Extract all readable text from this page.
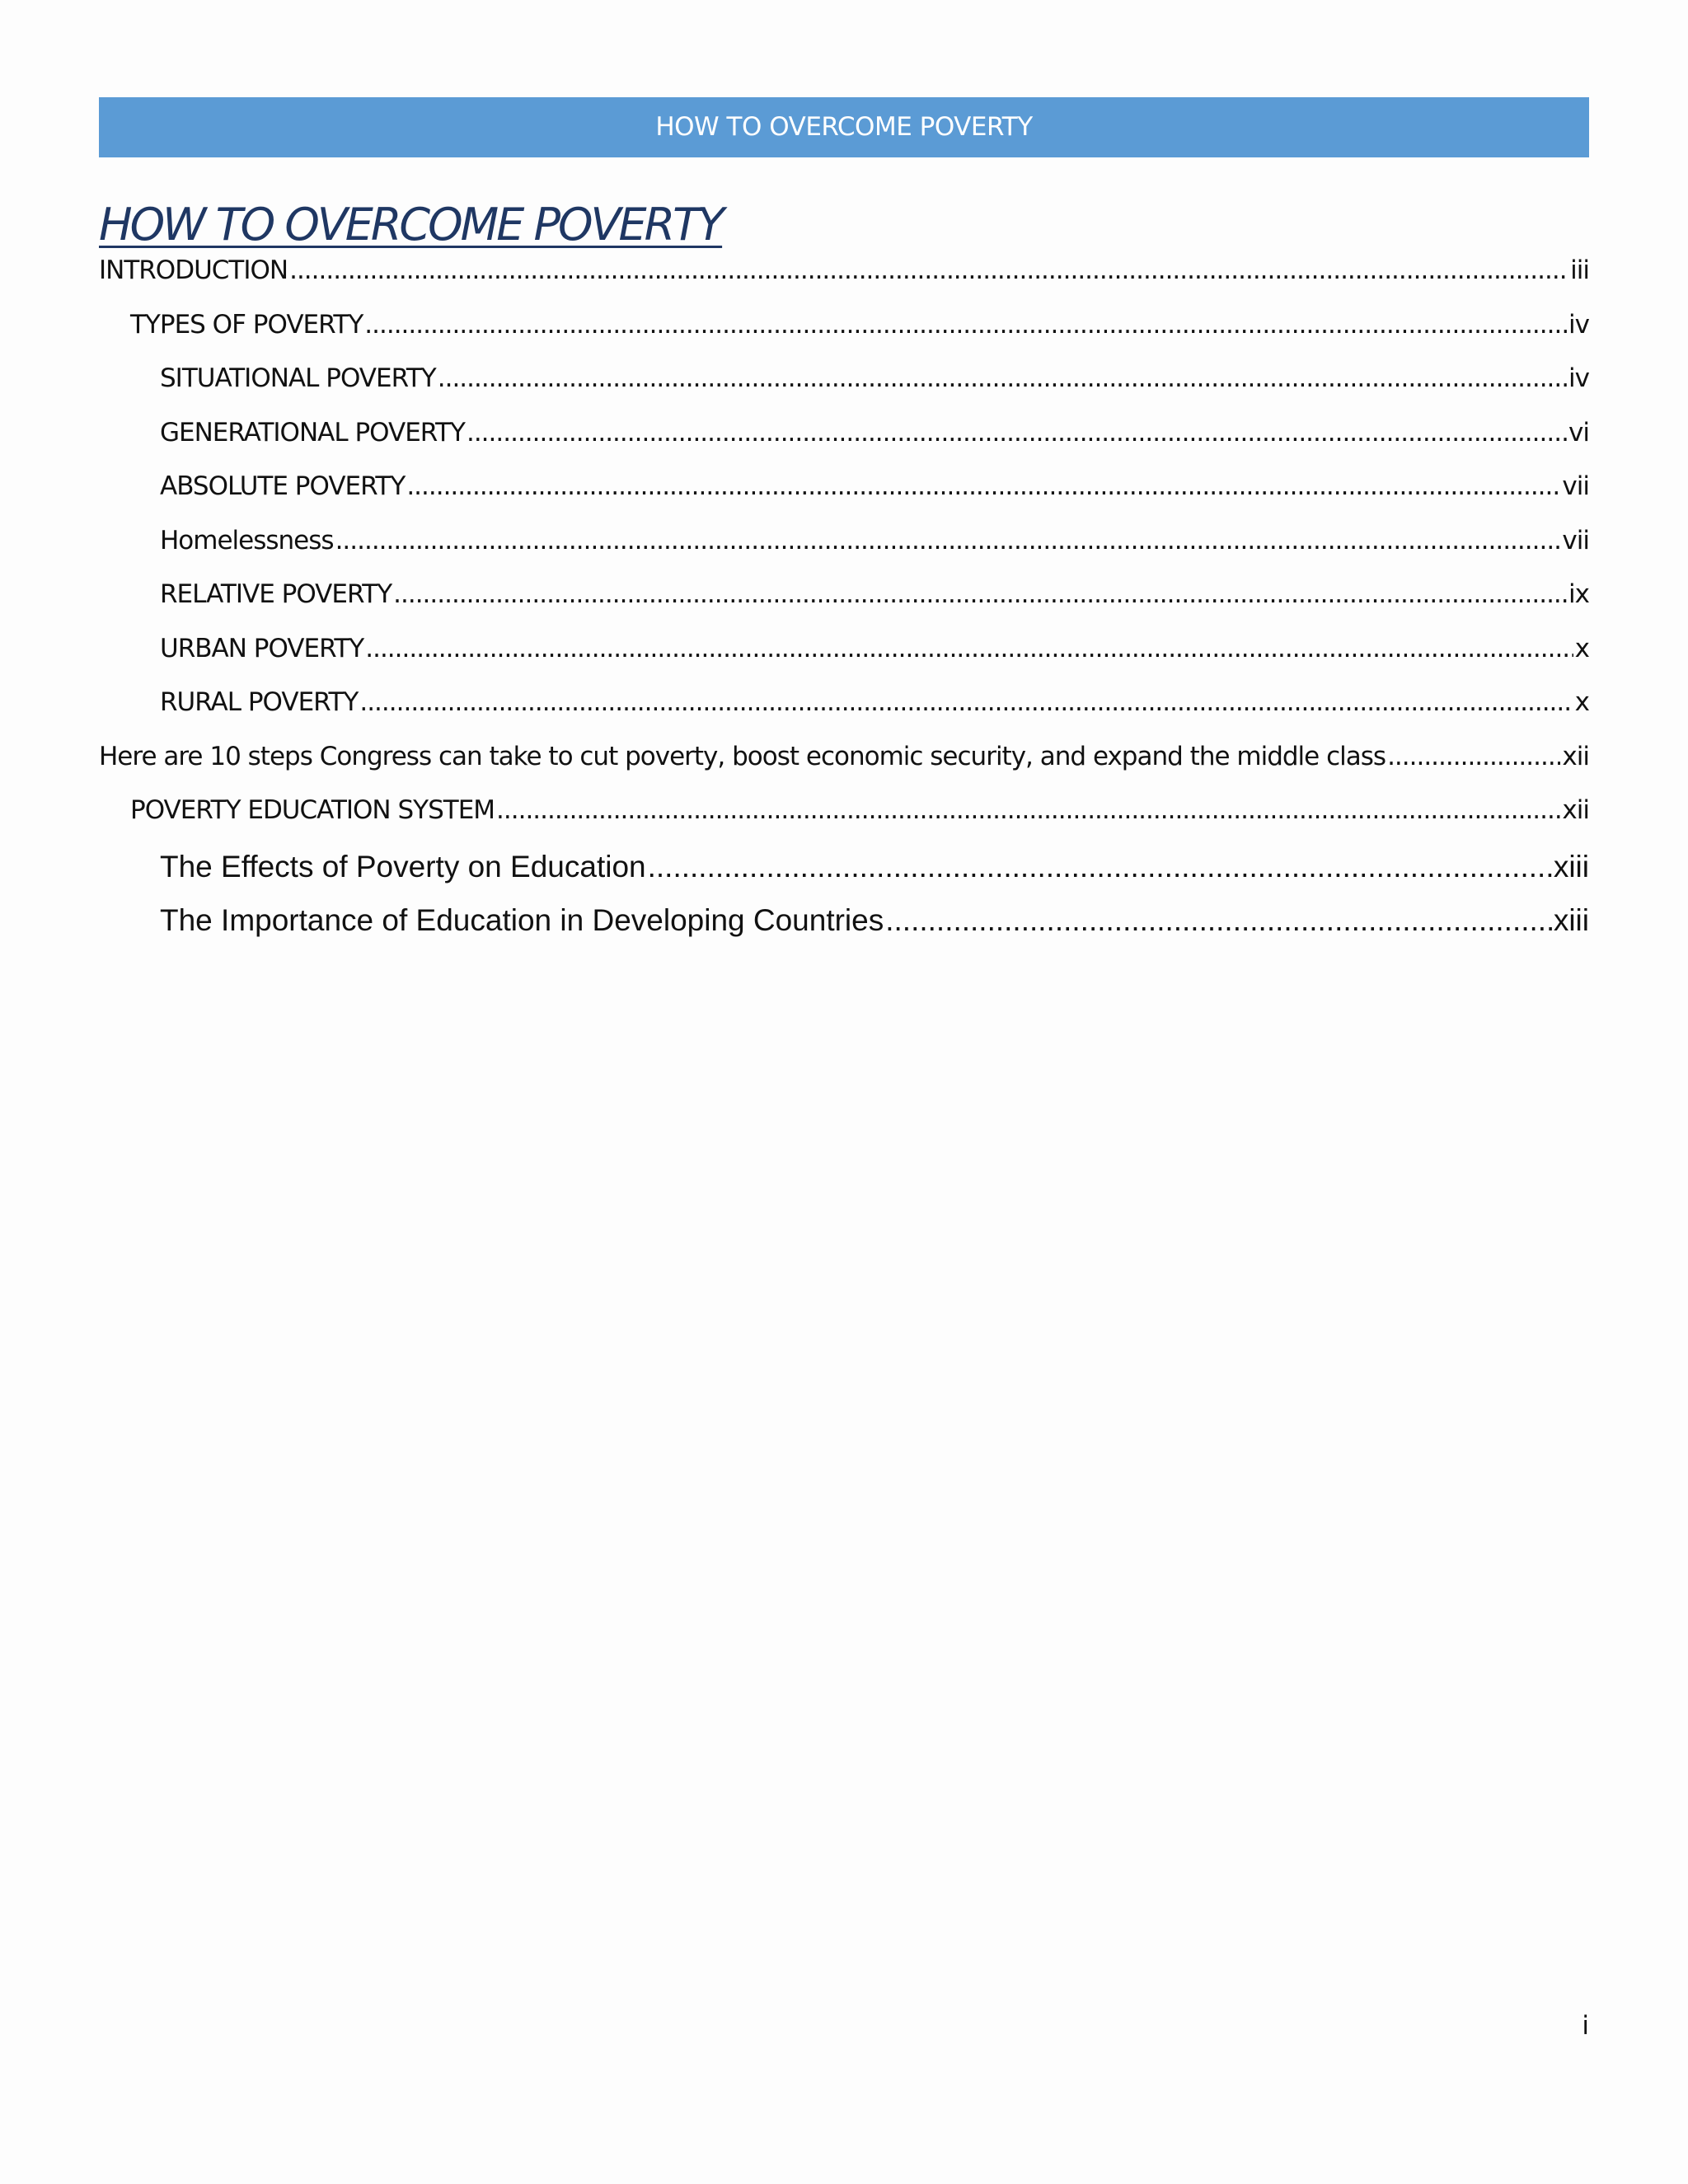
HOW TO OVERCOME POVERTY
HOW TO OVERCOME POVERTY
INTRODUCTION .....	iii
TYPES OF POVERTY .....	iv
SITUATIONAL POVERTY .....	iv
GENERATIONAL POVERTY .....	vi
ABSOLUTE POVERTY .....	vii
Homelessness .....	vii
RELATIVE POVERTY .....	ix
URBAN POVERTY .....	x
RURAL POVERTY .....	x
Here are 10 steps Congress can take to cut poverty, boost economic security, and expand the middle class .....	xii
POVERTY EDUCATION SYSTEM .....	xii
The Effects of Poverty on Education .....	xiii
The Importance of Education in Developing Countries .....	xiii
i
